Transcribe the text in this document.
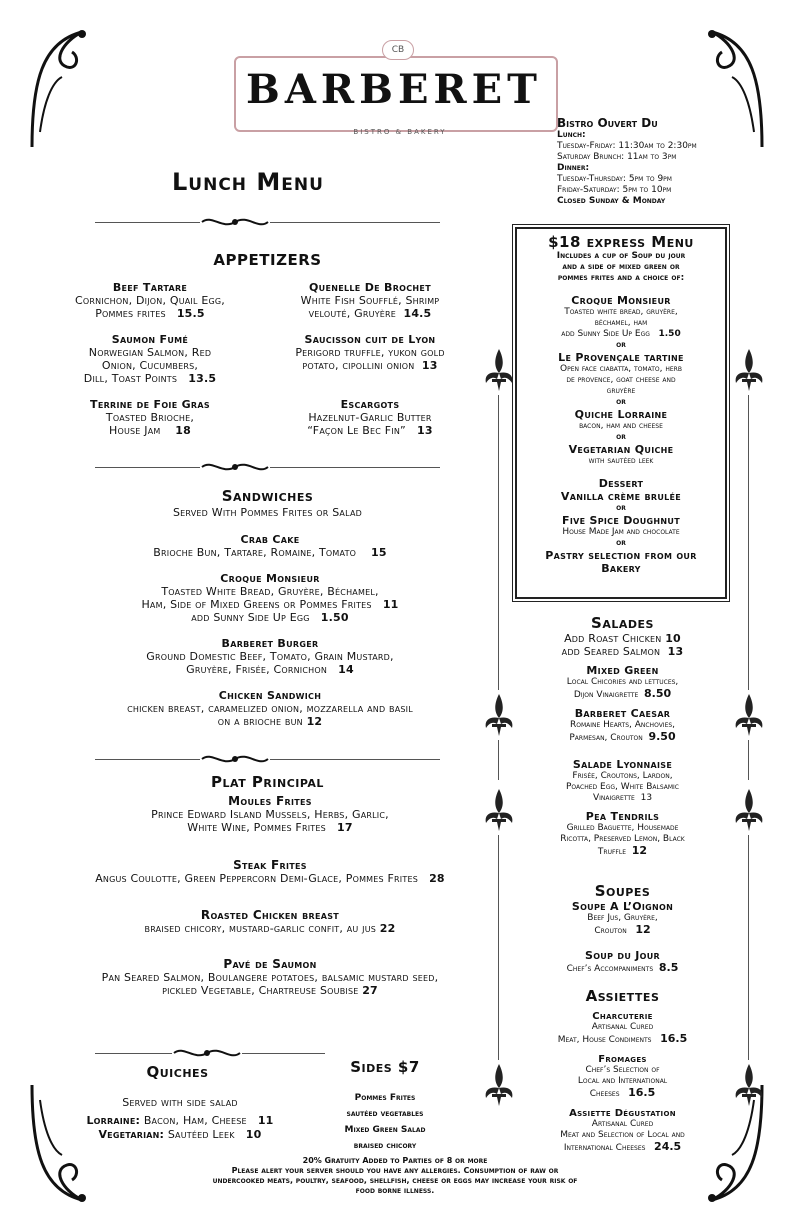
CB
BARBERET
BISTRO & BAKERY
Bistro Ouvert Du
Lunch:
Tuesday-Friday: 11:30am to 2:30pm
Saturday Brunch: 11am to 3pm
Dinner:
Tuesday-Thursday: 5pm to 9pm
Friday-Saturday: 5pm to 10pm
Closed Sunday & Monday
Lunch Menu
APPETIZERS
Beef Tartare
Cornichon, Dijon, Quail Egg,
Pommes frites 15.5
Quenelle De Brochet
White Fish Soufflé, Shrimp
velouté, Gruyère 14.5
Saumon Fumé
Norwegian Salmon, Red
Onion, Cucumbers,
Dill, Toast Points 13.5
Saucisson cuit de Lyon
Perigord truffle, yukon gold
potato, cipollini onion 13
Terrine de Foie Gras
Toasted Brioche,
House Jam 18
Escargots
Hazelnut-Garlic Butter
“Façon Le Bec Fin” 13
Sandwiches
Served With Pommes Frites or Salad
Crab Cake
Brioche Bun, Tartare, Romaine, Tomato 15
Croque Monsieur
Toasted White Bread, Gruyère, Béchamel,
Ham, Side of Mixed Greens or Pommes Frites 11
add Sunny Side Up Egg 1.50
Barberet Burger
Ground Domestic Beef, Tomato, Grain Mustard,
Gruyère, Frisée, Cornichon 14
Chicken Sandwich
chicken breast, caramelized onion, mozzarella and basil
on a brioche bun 12
Plat Principal
Moules Frites
Prince Edward Island Mussels, Herbs, Garlic,
White Wine, Pommes Frites 17
Steak Frites
Angus Coulotte, Green Peppercorn Demi-Glace, Pommes Frites 28
Roasted Chicken breast
braised chicory, mustard-garlic confit, au jus 22
Pavé de Saumon
Pan Seared Salmon, Boulangere potatoes, balsamic mustard seed,
pickled Vegetable, Chartreuse Soubise 27
Quiches
Served with side salad
Lorraine: Bacon, Ham, Cheese 11
Vegetarian: Sautéed Leek 10
Sides $7
Pommes Frites
sautéed vegetables
Mixed Green Salad
braised chicory
$18 express Menu
Includes a cup of Soup du jour
and a side of mixed green or
pommes frites and a choice of:
Croque Monsieur
Toasted white bread, gruyère,
béchamel, ham
add Sunny Side Up Egg 1.50
or
Le Provençale tartine
Open face ciabatta, tomato, herb
de provence, goat cheese and
gruyère
or
Quiche Lorraine
bacon, ham and cheese
or
Vegetarian Quiche
with sautéed leek
Dessert
Vanilla crème brulée
or
Five Spice Doughnut
House Made Jam and chocolate
or
Pastry selection from our
Bakery
Salades
Add Roast Chicken 10
add Seared Salmon 13
Mixed Green
Local Chicories and lettuces,
Dijon Vinaigrette 8.50
Barberet Caesar
Romaine Hearts, Anchovies,
Parmesan, Crouton 9.50
Salade Lyonnaise
Frisée, Croutons, Lardon,
Poached Egg, White Balsamic
Vinaigrette 13
Pea Tendrils
Grilled Baguette, Housemade
Ricotta, Preserved Lemon, Black
Truffle 12
Soupes
Soupe A L’Oignon
Beef Jus, Gruyère,
Crouton 12
Soup du Jour
Chef’s Accompaniments 8.5
Assiettes
Charcuterie
Artisanal Cured
Meat, House Condiments 16.5
Fromages
Chef’s Selection of
Local and International
Cheeses 16.5
Assiette Dégustation
Artisanal Cured
Meat and Selection of Local and
International Cheeses 24.5
20% Gratuity Added to Parties of 8 or more
Please alert your server should you have any allergies. Consumption of raw or
undercooked meats, poultry, seafood, shellfish, cheese or eggs may increase your risk of
food borne illness.
